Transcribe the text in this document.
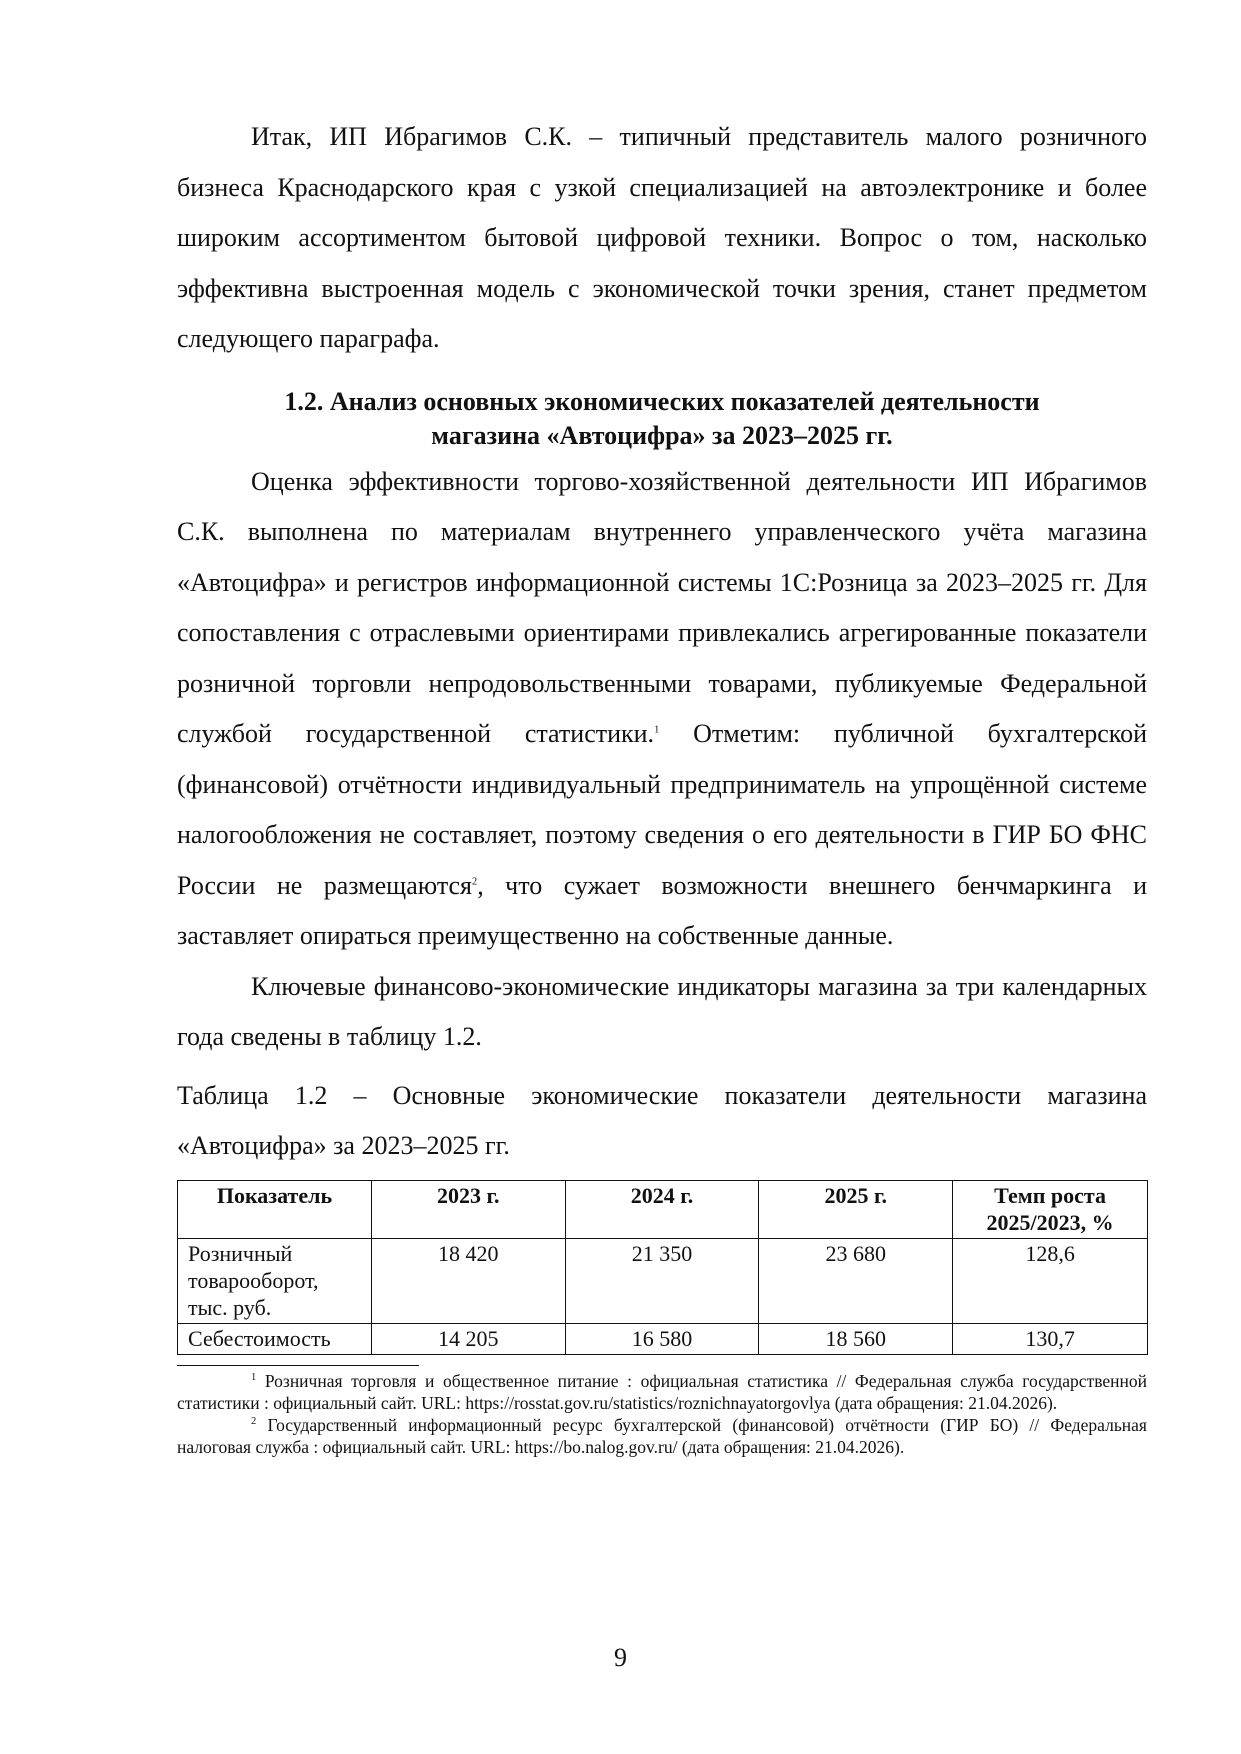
Итак, ИП Ибрагимов С.К. – типичный представитель малого розничного бизнеса Краснодарского края с узкой специализацией на автоэлектронике и более широким ассортиментом бытовой цифровой техники. Вопрос о том, насколько эффективна выстроенная модель с экономической точки зрения, станет предметом следующего параграфа.

1.2. Анализ основных экономических показателей деятельности
магазина «Автоцифра» за 2023–2025 гг.

Оценка эффективности торгово-хозяйственной деятельности ИП Ибрагимов С.К. выполнена по материалам внутреннего управленческого учёта магазина «Автоцифра» и регистров информационной системы 1С:Розница за 2023–2025 гг. Для сопоставления с отраслевыми ориентирами привлекались агрегированные показатели розничной торговли непродовольственными товарами, публикуемые Федеральной службой государственной статистики.$^1$ Отметим: публичной бухгалтерской (финансовой) отчётности индивидуальный предприниматель на упрощённой системе налогообложения не составляет, поэтому сведения о его деятельности в ГИР БО ФНС России не размещаются$^2$, что сужает возможности внешнего бенчмаркинга и заставляет опираться преимущественно на собственные данные.

Ключевые финансово-экономические индикаторы магазина за три календарных года сведены в таблицу 1.2.

Таблица 1.2 – Основные экономические показатели деятельности магазина «Автоцифра» за 2023–2025 гг.

Показатель	2023 г.	2024 г.	2025 г.	Темп роста 2025/2023, %
Розничный товарооборот, тыс. руб.	18 420	21 350	23 680	128,6
Себестоимость	14 205	16 580	18 560	130,7

$^1$ Розничная торговля и общественное питание : официальная статистика // Федеральная служба государственной статистики : официальный сайт. URL: https://rosstat.gov.ru/statistics/roznichnayatorgovlya (дата обращения: 21.04.2026).

$^2$ Государственный информационный ресурс бухгалтерской (финансовой) отчётности (ГИР БО) // Федеральная налоговая служба : официальный сайт. URL: https://bo.nalog.gov.ru/ (дата обращения: 21.04.2026).

9
